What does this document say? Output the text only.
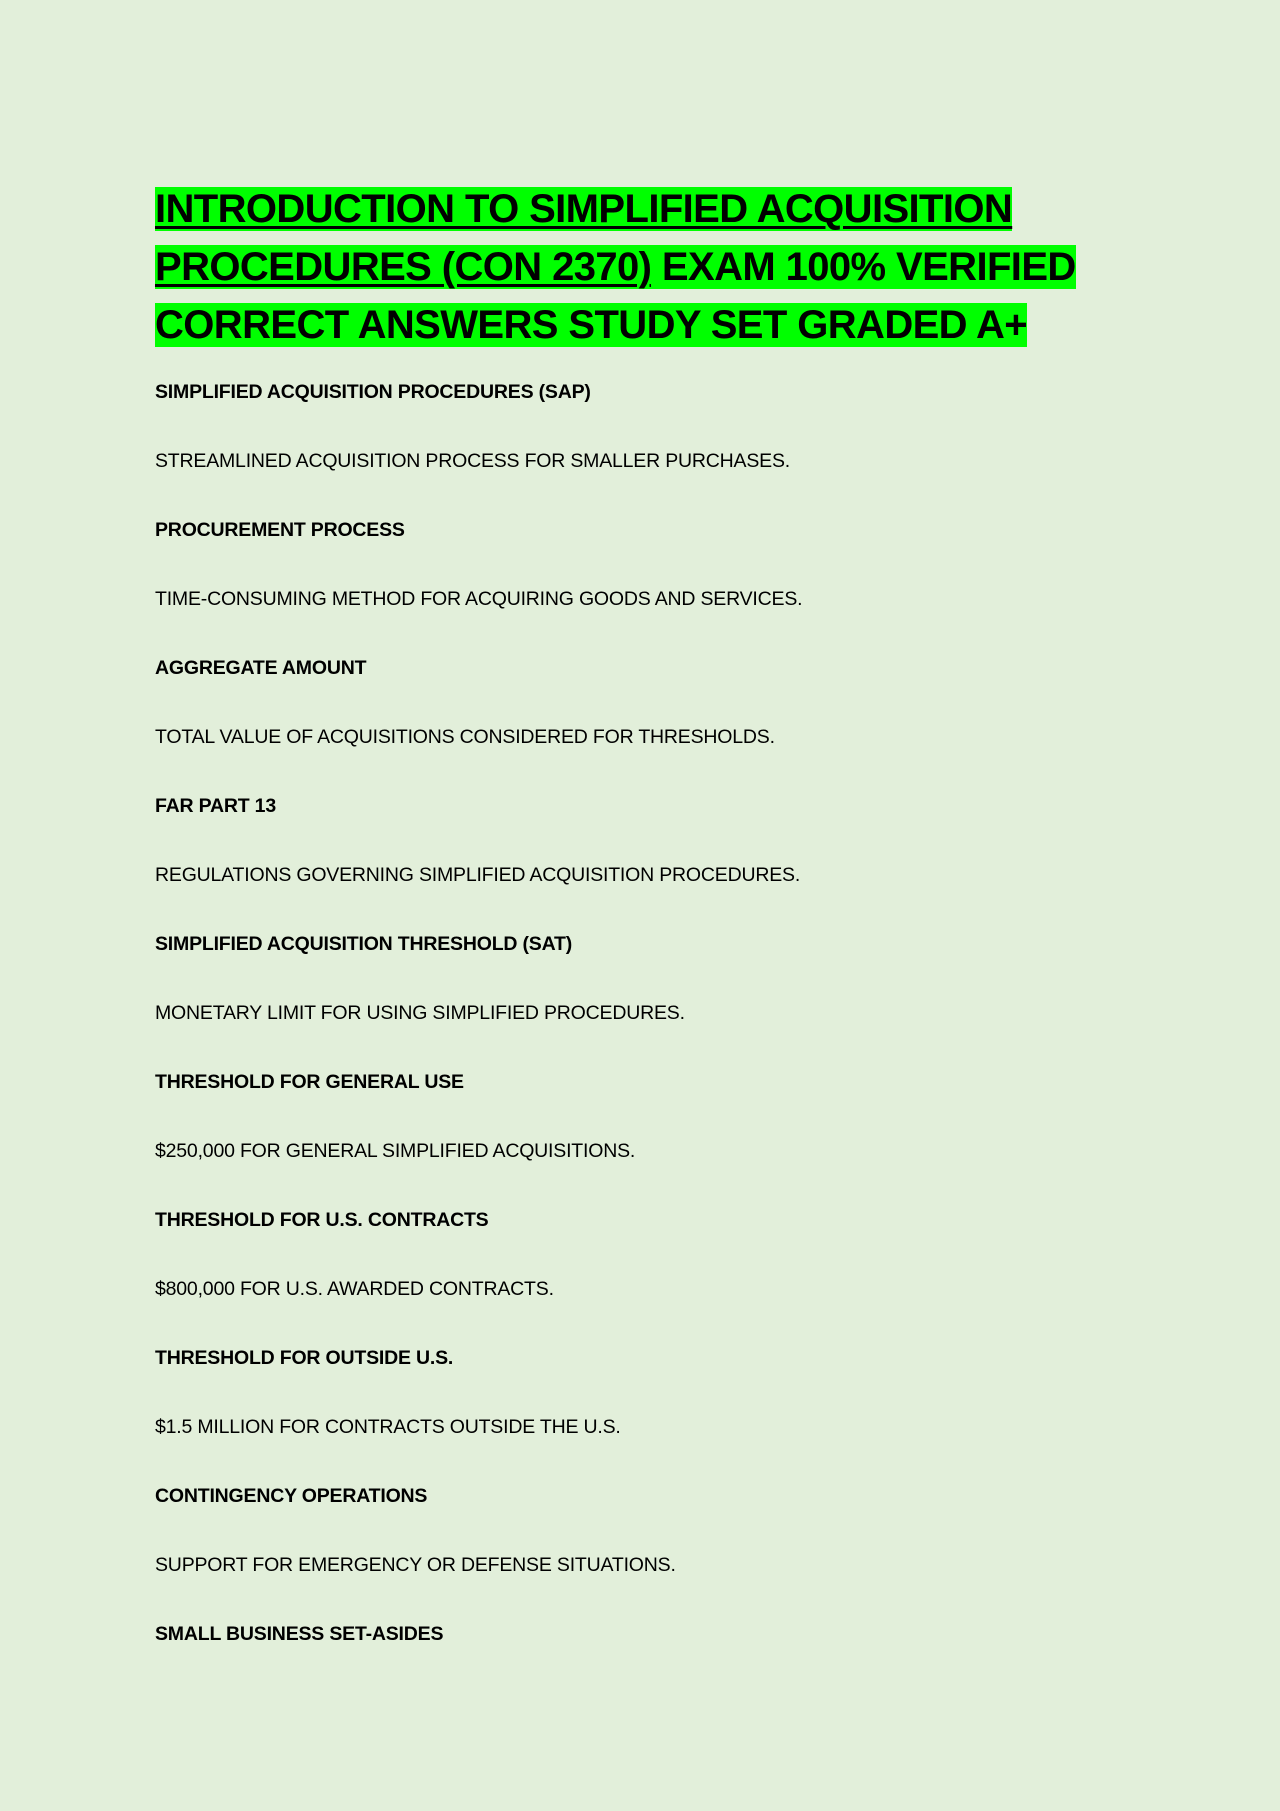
INTRODUCTION TO SIMPLIFIED ACQUISITION PROCEDURES (CON 2370) EXAM 100% VERIFIED CORRECT ANSWERS STUDY SET GRADED A+
SIMPLIFIED ACQUISITION PROCEDURES (SAP)
STREAMLINED ACQUISITION PROCESS FOR SMALLER PURCHASES.
PROCUREMENT PROCESS
TIME-CONSUMING METHOD FOR ACQUIRING GOODS AND SERVICES.
AGGREGATE AMOUNT
TOTAL VALUE OF ACQUISITIONS CONSIDERED FOR THRESHOLDS.
FAR PART 13
REGULATIONS GOVERNING SIMPLIFIED ACQUISITION PROCEDURES.
SIMPLIFIED ACQUISITION THRESHOLD (SAT)
MONETARY LIMIT FOR USING SIMPLIFIED PROCEDURES.
THRESHOLD FOR GENERAL USE
$250,000 FOR GENERAL SIMPLIFIED ACQUISITIONS.
THRESHOLD FOR U.S. CONTRACTS
$800,000 FOR U.S. AWARDED CONTRACTS.
THRESHOLD FOR OUTSIDE U.S.
$1.5 MILLION FOR CONTRACTS OUTSIDE THE U.S.
CONTINGENCY OPERATIONS
SUPPORT FOR EMERGENCY OR DEFENSE SITUATIONS.
SMALL BUSINESS SET-ASIDES
